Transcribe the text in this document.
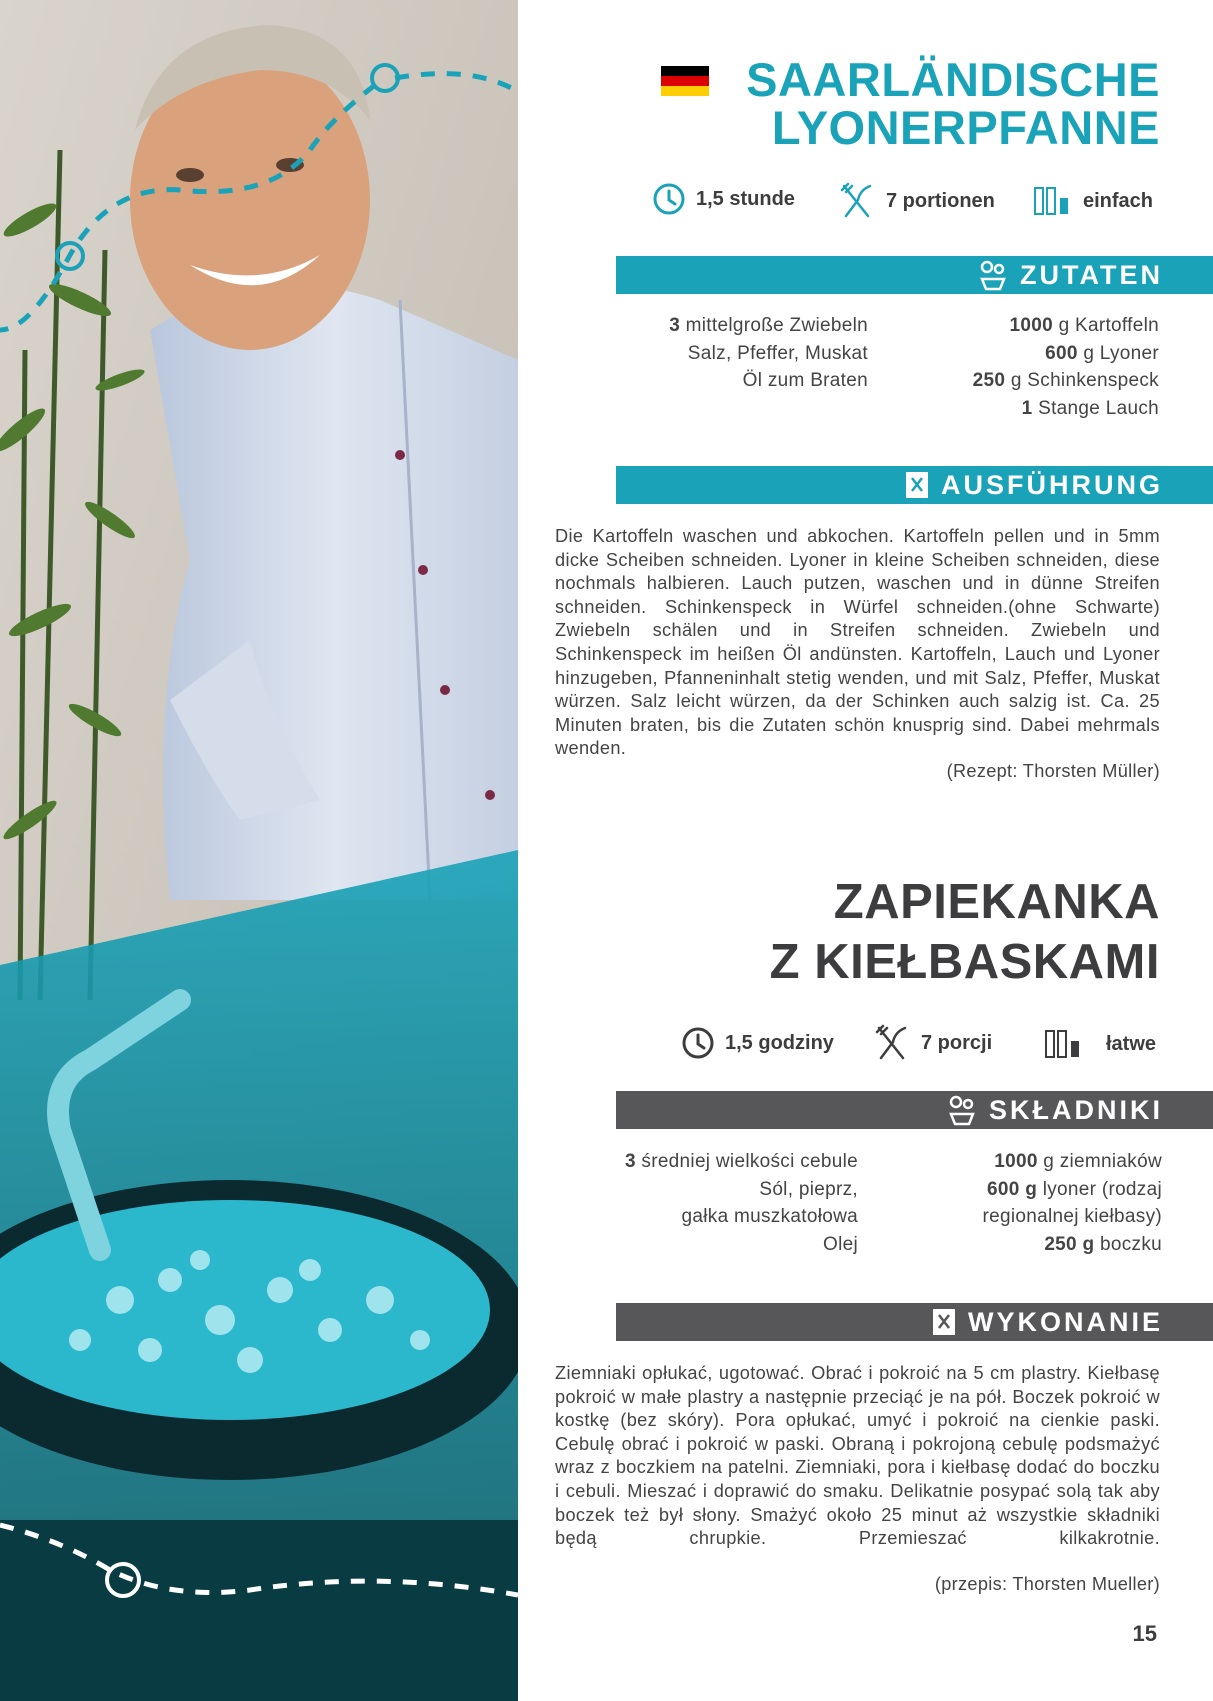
SAARLÄNDISCHE
LYONERPFANNE
1,5 stunde	7 portionen	einfach
ZUTATEN
3 mittelgroße Zwiebeln
Salz, Pfeffer, Muskat
Öl zum Braten
1000 g Kartoffeln
600 g Lyoner
250 g Schinkenspeck
1 Stange Lauch
AUSFÜHRUNG
Die Kartoffeln waschen und abkochen. Kartoffeln pellen und in 5mm dicke Scheiben schneiden. Lyoner in kleine Scheiben schneiden, diese nochmals halbieren. Lauch putzen, waschen und in dünne Streifen schneiden. Schinkenspeck in Würfel schneiden.(ohne Schwarte) Zwiebeln schälen und in Streifen schneiden. Zwiebeln und Schinkenspeck im heißen Öl andünsten. Kartoffeln, Lauch und Lyoner hinzugeben, Pfanneninhalt stetig wenden, und mit Salz, Pfeffer, Muskat würzen. Salz leicht würzen, da der Schinken auch salzig ist. Ca. 25 Minuten braten, bis die Zutaten schön knusprig sind. Dabei mehrmals wenden.
(Rezept: Thorsten Müller)
ZAPIEKANKA
Z KIEŁBASKAMI
1,5 godziny	7 porcji	łatwe
SKŁADNIKI
3 średniej wielkości cebule
Sól, pieprz,
gałka muszkatołowa
Olej
1000 g ziemniaków
600 g lyoner (rodzaj
regionalnej kiełbasy)
250 g boczku
WYKONANIE
Ziemniaki opłukać, ugotować. Obrać i pokroić na 5 cm plastry. Kiełbasę pokroić w małe plastry a następnie przeciąć je na pół. Boczek pokroić w kostkę (bez skóry). Pora opłukać, umyć i pokroić na cienkie paski. Cebulę obrać i pokroić w paski. Obraną i pokrojoną cebulę podsmażyć wraz z boczkiem na patelni. Ziemniaki, pora i kiełbasę dodać do boczku i cebuli. Mieszać i doprawić do smaku. Delikatnie posypać solą tak aby boczek też był słony. Smażyć około 25 minut aż wszystkie składniki będą chrupkie. Przemieszać kilkakrotnie.
(przepis: Thorsten Mueller)
15
